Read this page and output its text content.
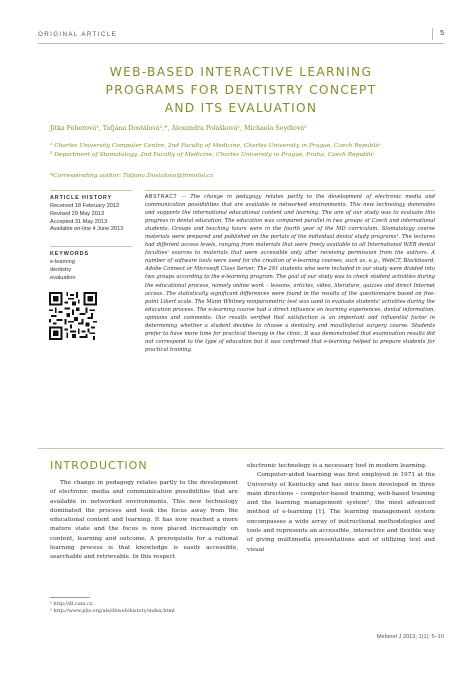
ORIGINAL ARTICLE	5
WEB-BASED INTERACTIVE LEARNING
PROGRAMS FOR DENTISTRY CONCEPT
AND ITS EVALUATION
Jitka Feberová¹, Taťjána Dostálová²,*, Alexandra Polášková¹, Michaela Seydlová²
¹ Charles University Computer Centre, 2nd Faculty of Medicine, Charles University in Prague, Czech Republic
² Department of Stomatology, 2nd Faculty of Medicine, Charles University in Prague, Praha, Czech Republic
*Corresponding author: Tatjana.Dostalova@fnmotol.cz
ARTICLE HISTORY
Received 18 February 2013
Revised 29 May 2013
Accepted 31 May 2013
Available on-line 4 June 2013
KEYWORDS
e-learning
dentistry
evaluation
ABSTRACT — The change in pedagogy relates partly to the development of electronic media and communication possibilities that are available in networked environments. This new technology dominates and supports the international educational content and learning. The aim of our study was to evaluate this progress in dental education. The education was compared parallel in two groups of Czech and international students. Groups and teaching hours were in the fourth year of the MD curriculum. Stomatology course materials were prepared and published on the portals of the individual dental study programs¹. The lectures had different access levels, ranging from materials that were freely available to all International WEB dental faculties' sources to materials that were accessible only after receiving permission from the authors. A number of software tools were used for the creation of e-learning courses, such as, e.g., WebCT, Blackboard, Adobe Connect or Microsoft Class Server. The 291 students who were included in our study were divided into two groups according to the e-learning program. The goal of our study was to check student activities during the educational process, namely online work – lessons, articles, video, literature, quizzes and direct Internet access. The statistically significant differences were found in the results of the questionnaire based on five-point Likert scale. The Mann Whitney nonparametric test was used to evaluate students' activities during the education process. The e-learning course had a direct influence on learning experiences, dental information, opinions and comments. Our results verified that satisfaction is an important and influential factor in determining whether a student decides to choose a dentistry and maxillofacial surgery course. Students prefer to have more time for practical therapy in the clinic. It was demonstrated that examination results did not correspond to the type of education but it was confirmed that e-learning helped to prepare students for practical training.
INTRODUCTION

The change in pedagogy relates partly to the development of electronic media and communication possibilities that are available in networked environments. This new technology dominated the process and took the focus away from the educational content and learning. It has now reached a more mature state and the focus is now placed increasingly on content, learning and outcome. A prerequisite for a rational learning process is that knowledge is easily accessible, searchable and retrievable. In this respect

electronic technology is a necessary tool in modern learning.

Computer-aided learning was first employed in 1971 at the University of Kentucky and has since been developed in three main directions – computer-based training, web-based training and the learning management system², the most advanced method of e-learning [1]. The learning management system encompasses a wide array of instructional methodologies and tools and represents an accessible, interactive and flexible way of giving multimedia presentations and of utilizing text and visual

¹ http://dl.cuni.cz
² http://www.pbs.org/als/dbweb/history/index.html
Mefanet J 2013; 1(1): 5–10
